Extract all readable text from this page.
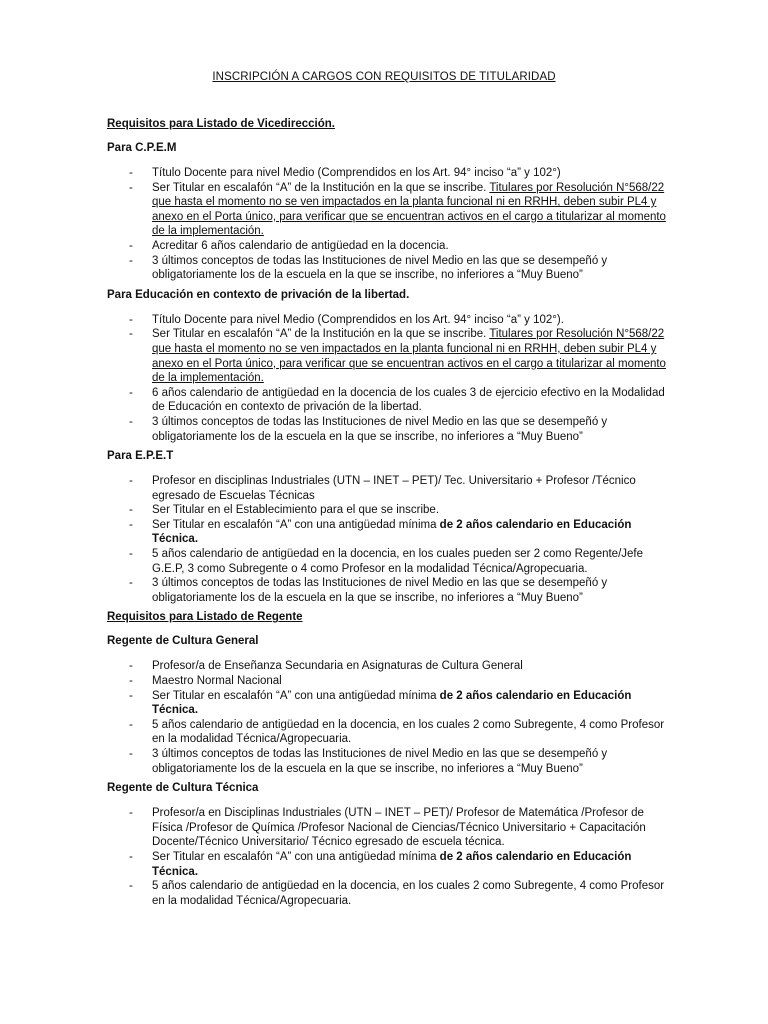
INSCRIPCIÓN A CARGOS CON REQUISITOS DE TITULARIDAD

Requisitos para Listado de Vicedirección.

Para C.P.E.M

- Título Docente para nivel Medio (Comprendidos en los Art. 94° inciso “a” y 102°)
- Ser Titular en escalafón “A” de la Institución en la que se inscribe. Titulares por Resolución N°568/22 que hasta el momento no se ven impactados en la planta funcional ni en RRHH, deben subir PL4 y anexo en el Porta único, para verificar que se encuentran activos en el cargo a titularizar al momento de la implementación.
- Acreditar 6 años calendario de antigüedad en la docencia.
- 3 últimos conceptos de todas las Instituciones de nivel Medio en las que se desempeñó y obligatoriamente los de la escuela en la que se inscribe, no inferiores a “Muy Bueno”

Para Educación en contexto de privación de la libertad.

- Título Docente para nivel Medio (Comprendidos en los Art. 94° inciso “a” y 102°).
- Ser Titular en escalafón “A” de la Institución en la que se inscribe. Titulares por Resolución N°568/22 que hasta el momento no se ven impactados en la planta funcional ni en RRHH, deben subir PL4 y anexo en el Porta único, para verificar que se encuentran activos en el cargo a titularizar al momento de la implementación.
- 6 años calendario de antigüedad en la docencia de los cuales 3 de ejercicio efectivo en la Modalidad de Educación en contexto de privación de la libertad.
- 3 últimos conceptos de todas las Instituciones de nivel Medio en las que se desempeñó y obligatoriamente los de la escuela en la que se inscribe, no inferiores a “Muy Bueno”

Para E.P.E.T

- Profesor en disciplinas Industriales (UTN – INET – PET)/ Tec. Universitario + Profesor /Técnico egresado de Escuelas Técnicas
- Ser Titular en el Establecimiento para el que se inscribe.
- Ser Titular en escalafón “A” con una antigüedad mínima de 2 años calendario en Educación Técnica.
- 5 años calendario de antigüedad en la docencia, en los cuales pueden ser 2 como Regente/Jefe G.E.P, 3 como Subregente o 4 como Profesor en la modalidad Técnica/Agropecuaria.
- 3 últimos conceptos de todas las Instituciones de nivel Medio en las que se desempeñó y obligatoriamente los de la escuela en la que se inscribe, no inferiores a “Muy Bueno”

Requisitos para Listado de Regente

Regente de Cultura General

- Profesor/a de Enseñanza Secundaria en Asignaturas de Cultura General
- Maestro Normal Nacional
- Ser Titular en escalafón “A” con una antigüedad mínima de 2 años calendario en Educación Técnica.
- 5 años calendario de antigüedad en la docencia, en los cuales 2 como Subregente, 4 como Profesor en la modalidad Técnica/Agropecuaria.
- 3 últimos conceptos de todas las Instituciones de nivel Medio en las que se desempeñó y obligatoriamente los de la escuela en la que se inscribe, no inferiores a “Muy Bueno”

Regente de Cultura Técnica

- Profesor/a en Disciplinas Industriales (UTN – INET – PET)/ Profesor de Matemática /Profesor de Física /Profesor de Química /Profesor Nacional de Ciencias/Técnico Universitario + Capacitación Docente/Técnico Universitario/ Técnico egresado de escuela técnica.
- Ser Titular en escalafón “A” con una antigüedad mínima de 2 años calendario en Educación Técnica.
- 5 años calendario de antigüedad en la docencia, en los cuales 2 como Subregente, 4 como Profesor en la modalidad Técnica/Agropecuaria.
